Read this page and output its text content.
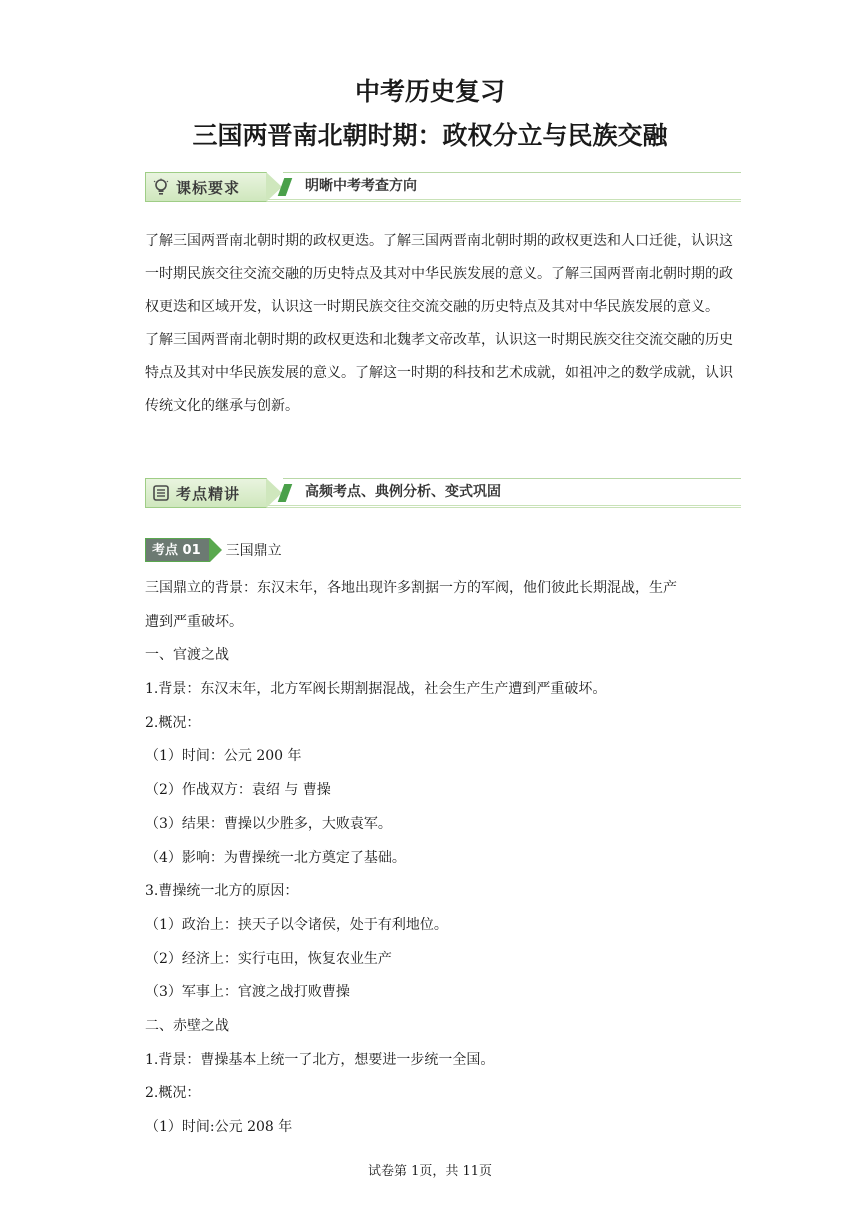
中考历史复习
三国两晋南北朝时期：政权分立与民族交融
课标要求	明晰中考考查方向

了解三国两晋南北朝时期的政权更迭。了解三国两晋南北朝时期的政权更迭和人口迁徙，认识这一时期民族交往交流交融的历史特点及其对中华民族发展的意义。了解三国两晋南北朝时期的政权更迭和区域开发，认识这一时期民族交往交流交融的历史特点及其对中华民族发展的意义。

了解三国两晋南北朝时期的政权更迭和北魏孝文帝改革，认识这一时期民族交往交流交融的历史特点及其对中华民族发展的意义。了解这一时期的科技和艺术成就，如祖冲之的数学成就，认识传统文化的继承与创新。

考点精讲	高频考点、典例分析、变式巩固
考点 01	三国鼎立
三国鼎立的背景：东汉末年，各地出现许多割据一方的军阀，他们彼此长期混战，生产
遭到严重破坏。
一、官渡之战
1.背景：东汉末年，北方军阀长期割据混战，社会生产生产遭到严重破坏。
2.概况：
（1）时间：公元 200 年
（2）作战双方：袁绍 与 曹操
（3）结果：曹操以少胜多，大败袁军。
（4）影响：为曹操统一北方奠定了基础。
3.曹操统一北方的原因：
（1）政治上：挟天子以令诸侯，处于有利地位。
（2）经济上：实行屯田，恢复农业生产
（3）军事上：官渡之战打败曹操
二、赤壁之战
1.背景：曹操基本上统一了北方，想要进一步统一全国。
2.概况：
（1）时间:公元 208 年
试卷第 1页，共 11页
